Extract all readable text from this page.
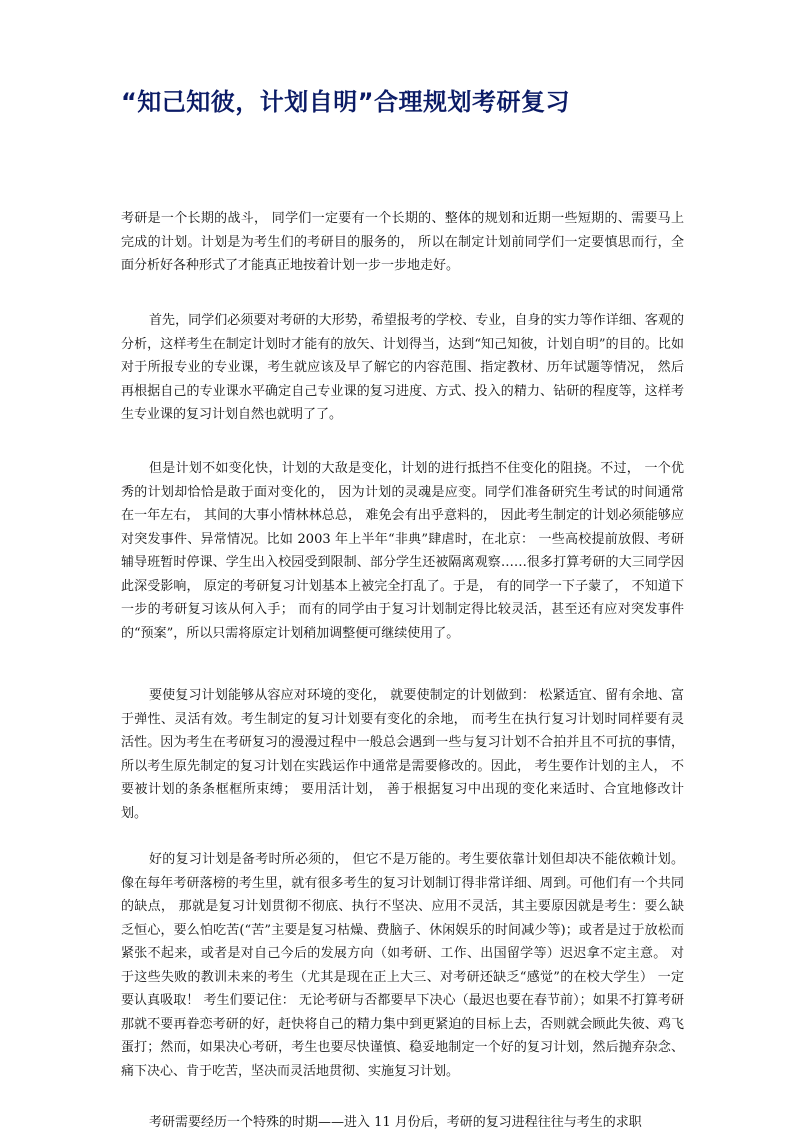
“知己知彼，计划自明”合理规划考研复习

考研是一个长期的战斗， 同学们一定要有一个长期的、整体的规划和近期一些短期的、需要马上完成的计划。计划是为考生们的考研目的服务的， 所以在制定计划前同学们一定要慎思而行，全面分析好各种形式了才能真正地按着计划一步一步地走好。

首先，同学们必须要对考研的大形势，希望报考的学校、专业，自身的实力等作详细、客观的分析，这样考生在制定计划时才能有的放矢、计划得当，达到“知己知彼，计划自明”的目的。比如对于所报专业的专业课，考生就应该及早了解它的内容范围、指定教材、历年试题等情况， 然后再根据自己的专业课水平确定自己专业课的复习进度、方式、投入的精力、钻研的程度等，这样考生专业课的复习计划自然也就明了了。

但是计划不如变化快，计划的大敌是变化，计划的进行抵挡不住变化的阻挠。不过， 一个优秀的计划却恰恰是敢于面对变化的， 因为计划的灵魂是应变。同学们准备研究生考试的时间通常在一年左右， 其间的大事小情林林总总， 难免会有出乎意料的， 因此考生制定的计划必须能够应对突发事件、异常情况。比如 2003 年上半年“非典”肆虐时，在北京： 一些高校提前放假、考研辅导班暂时停课、学生出入校园受到限制、部分学生还被隔离观察……很多打算考研的大三同学因此深受影响， 原定的考研复习计划基本上被完全打乱了。于是， 有的同学一下子蒙了， 不知道下一步的考研复习该从何入手； 而有的同学由于复习计划制定得比较灵活，甚至还有应对突发事件的“预案”，所以只需将原定计划稍加调整便可继续使用了。

要使复习计划能够从容应对环境的变化， 就要使制定的计划做到： 松紧适宜、留有余地、富于弹性、灵活有效。考生制定的复习计划要有变化的余地， 而考生在执行复习计划时同样要有灵活性。因为考生在考研复习的漫漫过程中一般总会遇到一些与复习计划不合拍并且不可抗的事情， 所以考生原先制定的复习计划在实践运作中通常是需要修改的。因此， 考生要作计划的主人， 不要被计划的条条框框所束缚； 要用活计划， 善于根据复习中出现的变化来适时、合宜地修改计划。

好的复习计划是备考时所必须的， 但它不是万能的。考生要依靠计划但却决不能依赖计划。像在每年考研落榜的考生里，就有很多考生的复习计划制订得非常详细、周到。可他们有一个共同的缺点， 那就是复习计划贯彻不彻底、执行不坚决、应用不灵活，其主要原因就是考生：要么缺乏恒心，要么怕吃苦(“苦”主要是复习枯燥、费脑子、休闲娱乐的时间减少等)；或者是过于放松而紧张不起来，或者是对自己今后的发展方向（如考研、工作、出国留学等）迟迟拿不定主意。 对于这些失败的教训未来的考生（尤其是现在正上大三、对考研还缺乏“感觉”的在校大学生） 一定要认真吸取！ 考生们要记住： 无论考研与否都要早下决心（最迟也要在春节前）；如果不打算考研那就不要再眷恋考研的好，赶快将自己的精力集中到更紧迫的目标上去，否则就会顾此失彼、鸡飞蛋打；然而，如果决心考研，考生也要尽快谨慎、稳妥地制定一个好的复习计划，然后抛弃杂念、痛下决心、肯于吃苦，坚决而灵活地贯彻、实施复习计划。

考研需要经历一个特殊的时期——进入 11 月份后，考研的复习进程往往与考生的求职
